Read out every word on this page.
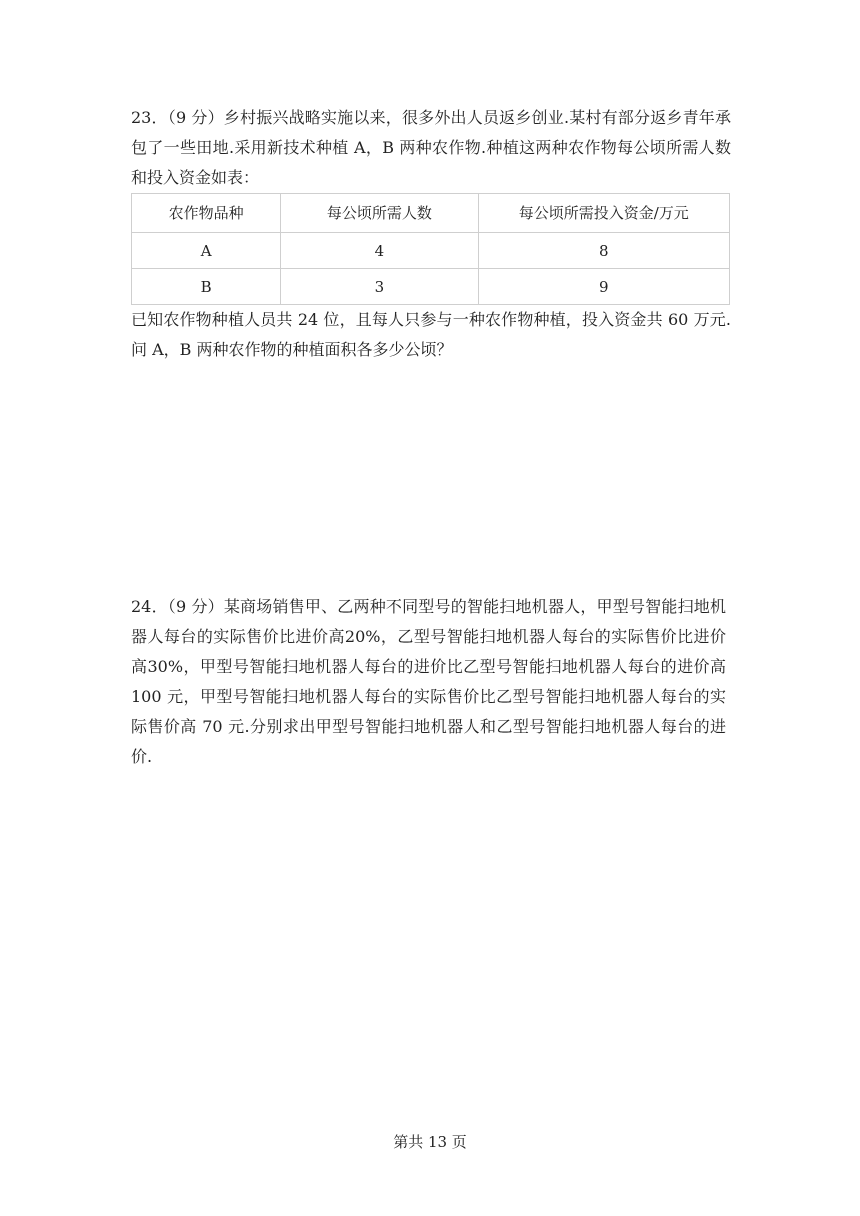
23．（9 分）乡村振兴战略实施以来，很多外出人员返乡创业.某村有部分返乡青年承包了一些田地.采用新技术种植 A，B 两种农作物.种植这两种农作物每公顷所需人数和投入资金如表：

农作物品种	每公顷所需人数	每公顷所需投入资金/万元
A	4	8
B	3	9

已知农作物种植人员共 24 位，且每人只参与一种农作物种植，投入资金共 60 万元.问 A，B 两种农作物的种植面积各多少公顷？

24．（9 分）某商场销售甲、乙两种不同型号的智能扫地机器人，甲型号智能扫地机器人每台的实际售价比进价高20%，乙型号智能扫地机器人每台的实际售价比进价高30%，甲型号智能扫地机器人每台的进价比乙型号智能扫地机器人每台的进价高 100 元，甲型号智能扫地机器人每台的实际售价比乙型号智能扫地机器人每台的实际售价高 70 元.分别求出甲型号智能扫地机器人和乙型号智能扫地机器人每台的进价.

第共 13 页
